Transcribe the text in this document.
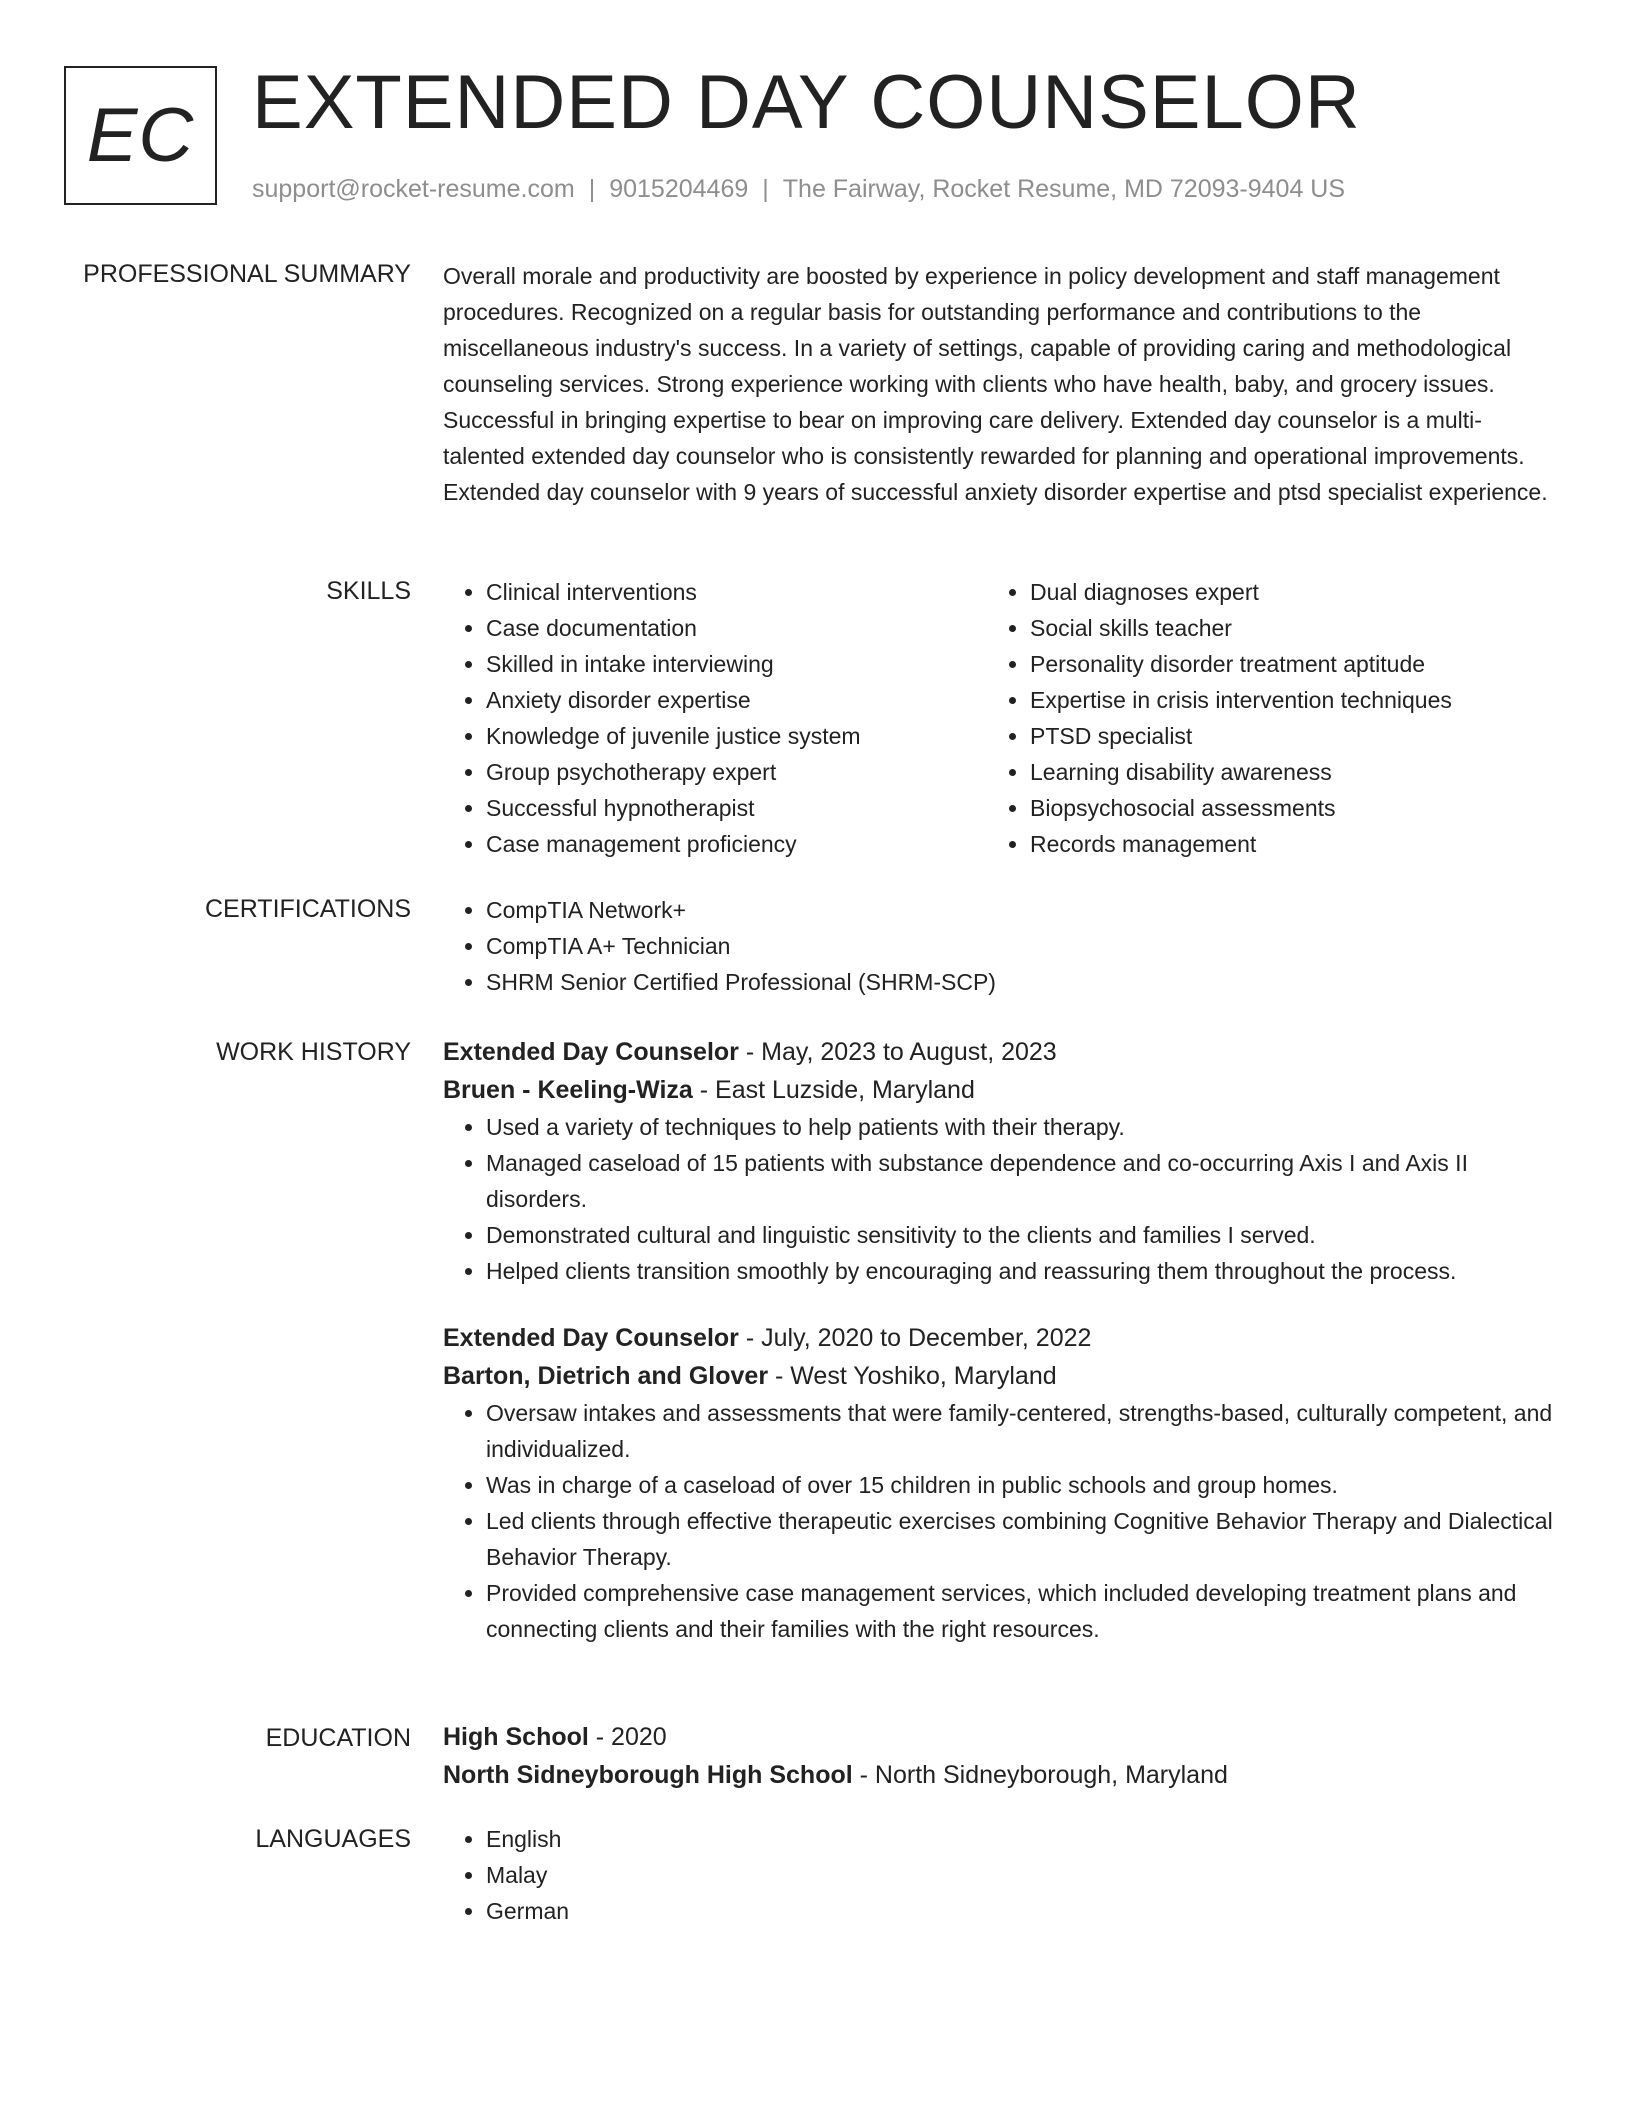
EC EXTENDED DAY COUNSELOR
support@rocket-resume.com | 9015204469 | The Fairway, Rocket Resume, MD 72093-9404 US
PROFESSIONAL SUMMARY Overall morale and productivity are boosted by experience in policy development and staff management procedures. Recognized on a regular basis for outstanding performance and contributions to the miscellaneous industry's success. In a variety of settings, capable of providing caring and methodological counseling services. Strong experience working with clients who have health, baby, and grocery issues. Successful in bringing expertise to bear on improving care delivery. Extended day counselor is a multi-talented extended day counselor who is consistently rewarded for planning and operational improvements. Extended day counselor with 9 years of successful anxiety disorder expertise and ptsd specialist experience.

SKILLS	• Clinical interventions
• Case documentation
• Skilled in intake interviewing
• Anxiety disorder expertise
• Knowledge of juvenile justice system
• Group psychotherapy expert
• Successful hypnotherapist
• Case management proficiency
• Dual diagnoses expert
• Social skills teacher
• Personality disorder treatment aptitude
• Expertise in crisis intervention techniques
• PTSD specialist
• Learning disability awareness
• Biopsychosocial assessments
• Records management
CERTIFICATIONS	• CompTIA Network+
• CompTIA A+ Technician
• SHRM Senior Certified Professional (SHRM-SCP)
WORK HISTORY Extended Day Counselor - May, 2023 to August, 2023
Bruen - Keeling-Wiza - East Luzside, Maryland
• Used a variety of techniques to help patients with their therapy.
• Managed caseload of 15 patients with substance dependence and co-occurring Axis I and Axis II disorders.
• Demonstrated cultural and linguistic sensitivity to the clients and families I served.
• Helped clients transition smoothly by encouraging and reassuring them throughout the process.
Extended Day Counselor - July, 2020 to December, 2022
Barton, Dietrich and Glover - West Yoshiko, Maryland
• Oversaw intakes and assessments that were family-centered, strengths-based, culturally competent, and individualized.
• Was in charge of a caseload of over 15 children in public schools and group homes.
• Led clients through effective therapeutic exercises combining Cognitive Behavior Therapy and Dialectical Behavior Therapy.
• Provided comprehensive case management services, which included developing treatment plans and connecting clients and their families with the right resources.
EDUCATION High School - 2020
North Sidneyborough High School - North Sidneyborough, Maryland
LANGUAGES	• English
• Malay
• German
